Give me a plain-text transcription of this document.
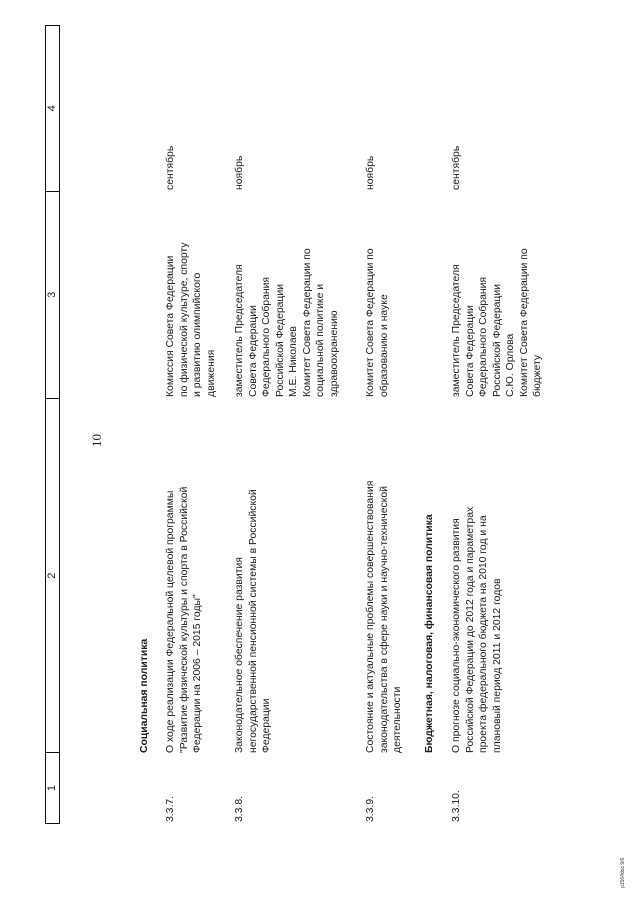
10
1
2
3
4
Социальная политика
3.3.7.
О ходе реализации Федеральной целевой программы "Развитие физической культуры и спорта в Российской Федерации на 2006 – 2015 годы"
Комиссия Совета Федерации по физической культуре, спорту и развитию олимпийского движения
сентябрь
3.3.8.
Законодательное обеспечение развития негосударственной пенсионной системы в Российской Федерации
заместитель Председателя Совета Федерации Федерального Собрания Российской Федерации М.Е. Николаев Комитет Совета Федерации по социальной политике и здравоохранению
ноябрь
3.3.9.
Состояние и актуальные проблемы совершенствования законодательства в сфере науки и научно-технической деятельности
Комитет Совета Федерации по образованию и науке
ноябрь
Бюджетная, налоговая, финансовая политика
3.3.10.
О прогнозе социально-экономического развития Российской Федерации до 2012 года и параметрах проекта федерального бюджета на 2010 год и на плановый период 2011 и 2012 годов
заместитель Председателя Совета Федерации Федерального Собрания Российской Федерации С.Ю. Орлова Комитет Совета Федерации по бюджету
сентябрь
p1564doc 9/6
